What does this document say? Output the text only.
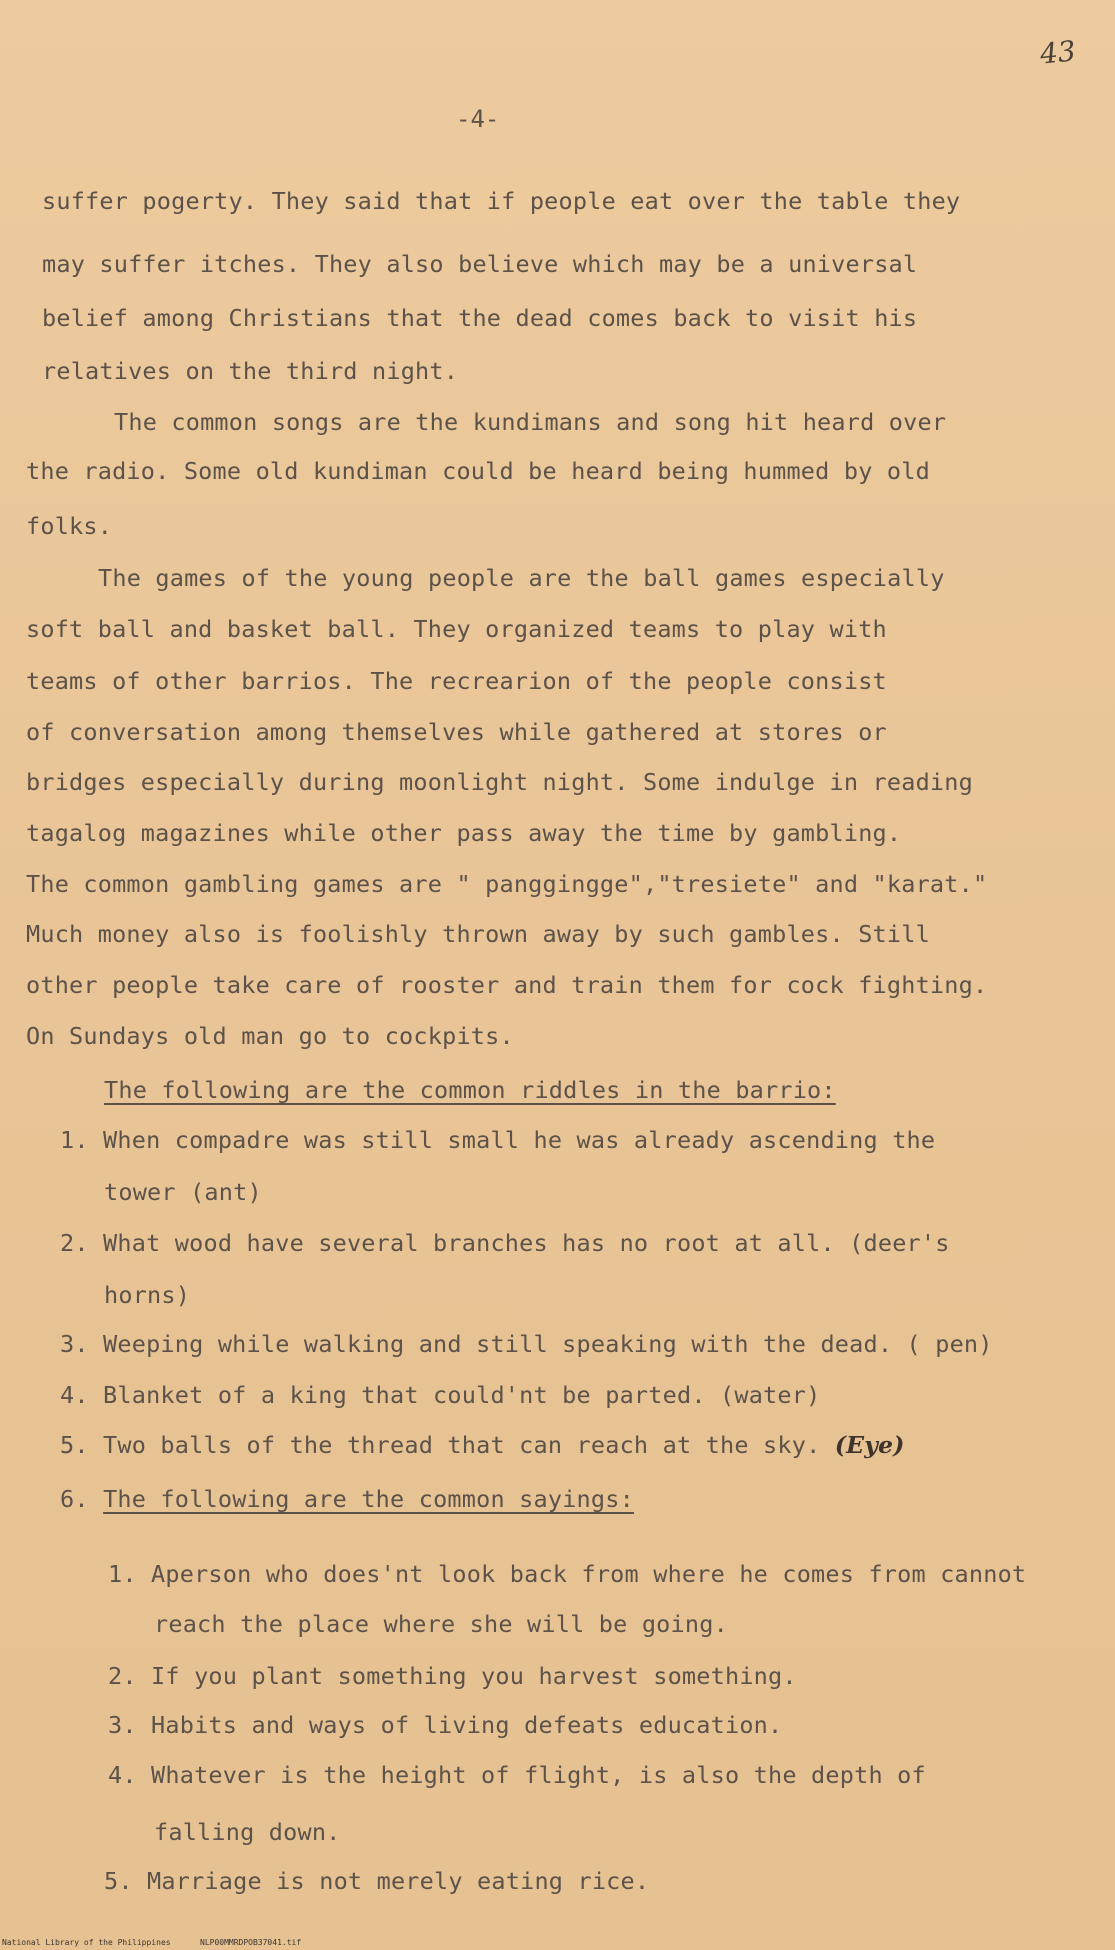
43
-4-
suffer pogerty. They said that if people eat over the table they
may suffer itches. They also believe which may be a universal
belief among Christians that the dead comes back to visit his
relatives on the third night.
The common songs are the kundimans and song hit heard over
the radio. Some old kundiman could be heard being hummed by old
folks.
The games of the young people are the ball games especially
soft ball and basket ball. They organized teams to play with
teams of other barrios. The recrearion of the people consist
of conversation among themselves while gathered at stores or
bridges especially during moonlight night. Some indulge in reading
tagalog magazines while other pass away the time by gambling.
The common gambling games are " panggingge","tresiete" and "karat."
Much money also is foolishly thrown away by such gambles. Still
other people take care of rooster and train them for cock fighting.
On Sundays old man go to cockpits.
The following are the common riddles in the barrio:
1. When compadre was still small he was already ascending the
tower (ant)
2. What wood have several branches has no root at all. (deer's
horns)
3. Weeping while walking and still speaking with the dead. ( pen)
4. Blanket of a king that could'nt be parted. (water)
5. Two balls of the thread that can reach at the sky. (Eye)
6. The following are the common sayings:
1. Aperson who does'nt look back from where he comes from cannot
reach the place where she will be going.
2. If you plant something you harvest something.
3. Habits and ways of living defeats education.
4. Whatever is the height of flight, is also the depth of
falling down.
5. Marriage is not merely eating rice.
National Library of the Philippines	NLP00MMRDPOB37041.tif
